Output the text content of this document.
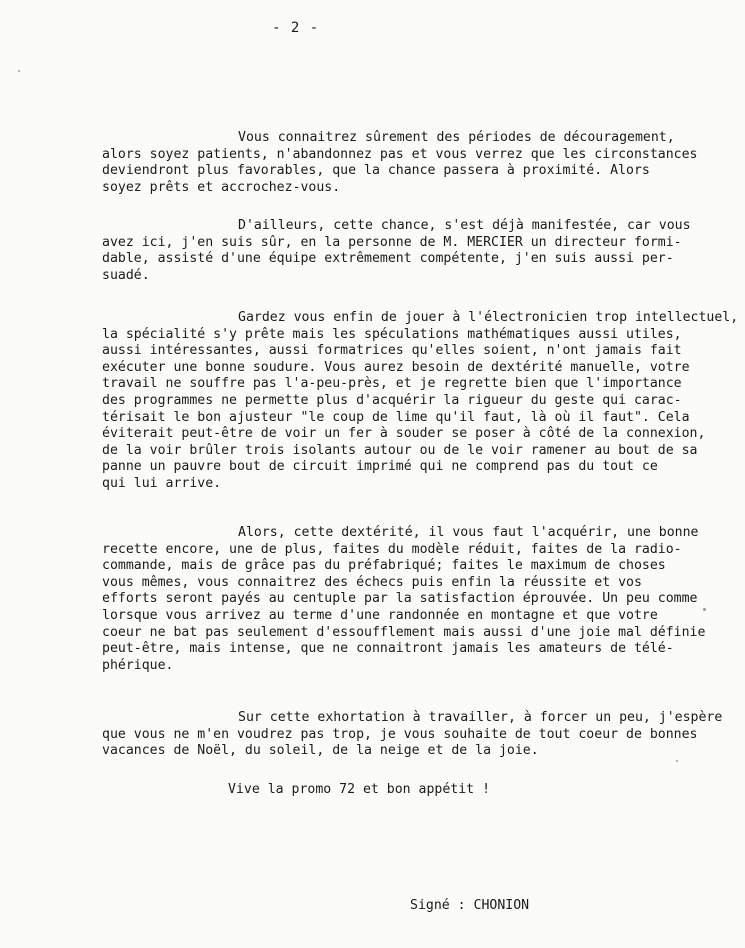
- 2 -
Vous connaitrez sûrement des périodes de découragement,
alors soyez patients, n'abandonnez pas et vous verrez que les circonstances
deviendront plus favorables, que la chance passera à proximité. Alors
soyez prêts et accrochez-vous.
D'ailleurs, cette chance, s'est déjà manifestée, car vous
avez ici, j'en suis sûr, en la personne de M. MERCIER un directeur formi-
dable, assisté d'une équipe extrêmement compétente, j'en suis aussi per-
suadé.
Gardez vous enfin de jouer à l'électronicien trop intellectuel,
la spécialité s'y prête mais les spéculations mathématiques aussi utiles,
aussi intéressantes, aussi formatrices qu'elles soient, n'ont jamais fait
exécuter une bonne soudure. Vous aurez besoin de dextérité manuelle, votre
travail ne souffre pas l'a-peu-près, et je regrette bien que l'importance
des programmes ne permette plus d'acquérir la rigueur du geste qui carac-
térisait le bon ajusteur "le coup de lime qu'il faut, là où il faut". Cela
éviterait peut-être de voir un fer à souder se poser à côté de la connexion,
de la voir brûler trois isolants autour ou de le voir ramener au bout de sa
panne un pauvre bout de circuit imprimé qui ne comprend pas du tout ce
qui lui arrive.
Alors, cette dextérité, il vous faut l'acquérir, une bonne
recette encore, une de plus, faites du modèle réduit, faites de la radio-
commande, mais de grâce pas du préfabriqué; faites le maximum de choses
vous mêmes, vous connaitrez des échecs puis enfin la réussite et vos
efforts seront payés au centuple par la satisfaction éprouvée. Un peu comme
lorsque vous arrivez au terme d'une randonnée en montagne et que votre
coeur ne bat pas seulement d'essoufflement mais aussi d'une joie mal définie
peut-être, mais intense, que ne connaitront jamais les amateurs de télé-
phérique.
Sur cette exhortation à travailler, à forcer un peu, j'espère
que vous ne m'en voudrez pas trop, je vous souhaite de tout coeur de bonnes
vacances de Noël, du soleil, de la neige et de la joie.
Vive la promo 72 et bon appétit !
Signé : CHONION
